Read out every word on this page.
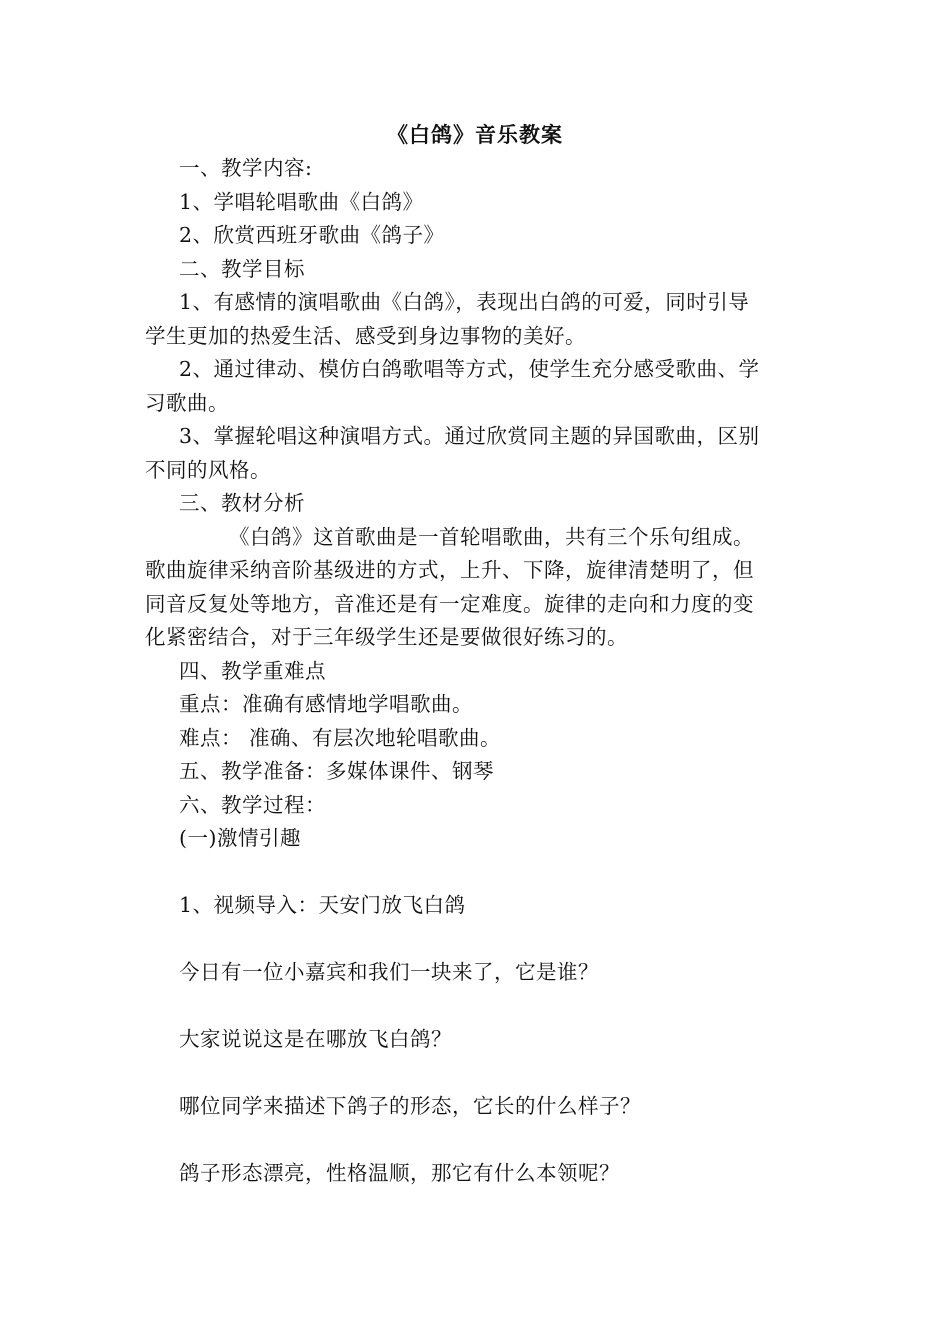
《白鸽》音乐教案
一、教学内容:
1、学唱轮唱歌曲《白鸽》
2、欣赏西班牙歌曲《鸽子》
二、教学目标
1、有感情的演唱歌曲《白鸽》，表现出白鸽的可爱，同时引导
学生更加的热爱生活、感受到身边事物的美好。
2、通过律动、模仿白鸽歌唱等方式，使学生充分感受歌曲、学
习歌曲。
3、掌握轮唱这种演唱方式。通过欣赏同主题的异国歌曲，区别
不同的风格。
三、教材分析
《白鸽》这首歌曲是一首轮唱歌曲，共有三个乐句组成。
歌曲旋律采纳音阶基级进的方式，上升、下降，旋律清楚明了，但
同音反复处等地方，音准还是有一定难度。旋律的走向和力度的变
化紧密结合，对于三年级学生还是要做很好练习的。
四、教学重难点
重点：准确有感情地学唱歌曲。
难点： 准确、有层次地轮唱歌曲。
五、教学准备：多媒体课件、钢琴
六、教学过程：
(一)激情引趣
1、视频导入：天安门放飞白鸽
今日有一位小嘉宾和我们一块来了，它是谁？
大家说说这是在哪放飞白鸽？
哪位同学来描述下鸽子的形态，它长的什么样子？
鸽子形态漂亮，性格温顺，那它有什么本领呢？
